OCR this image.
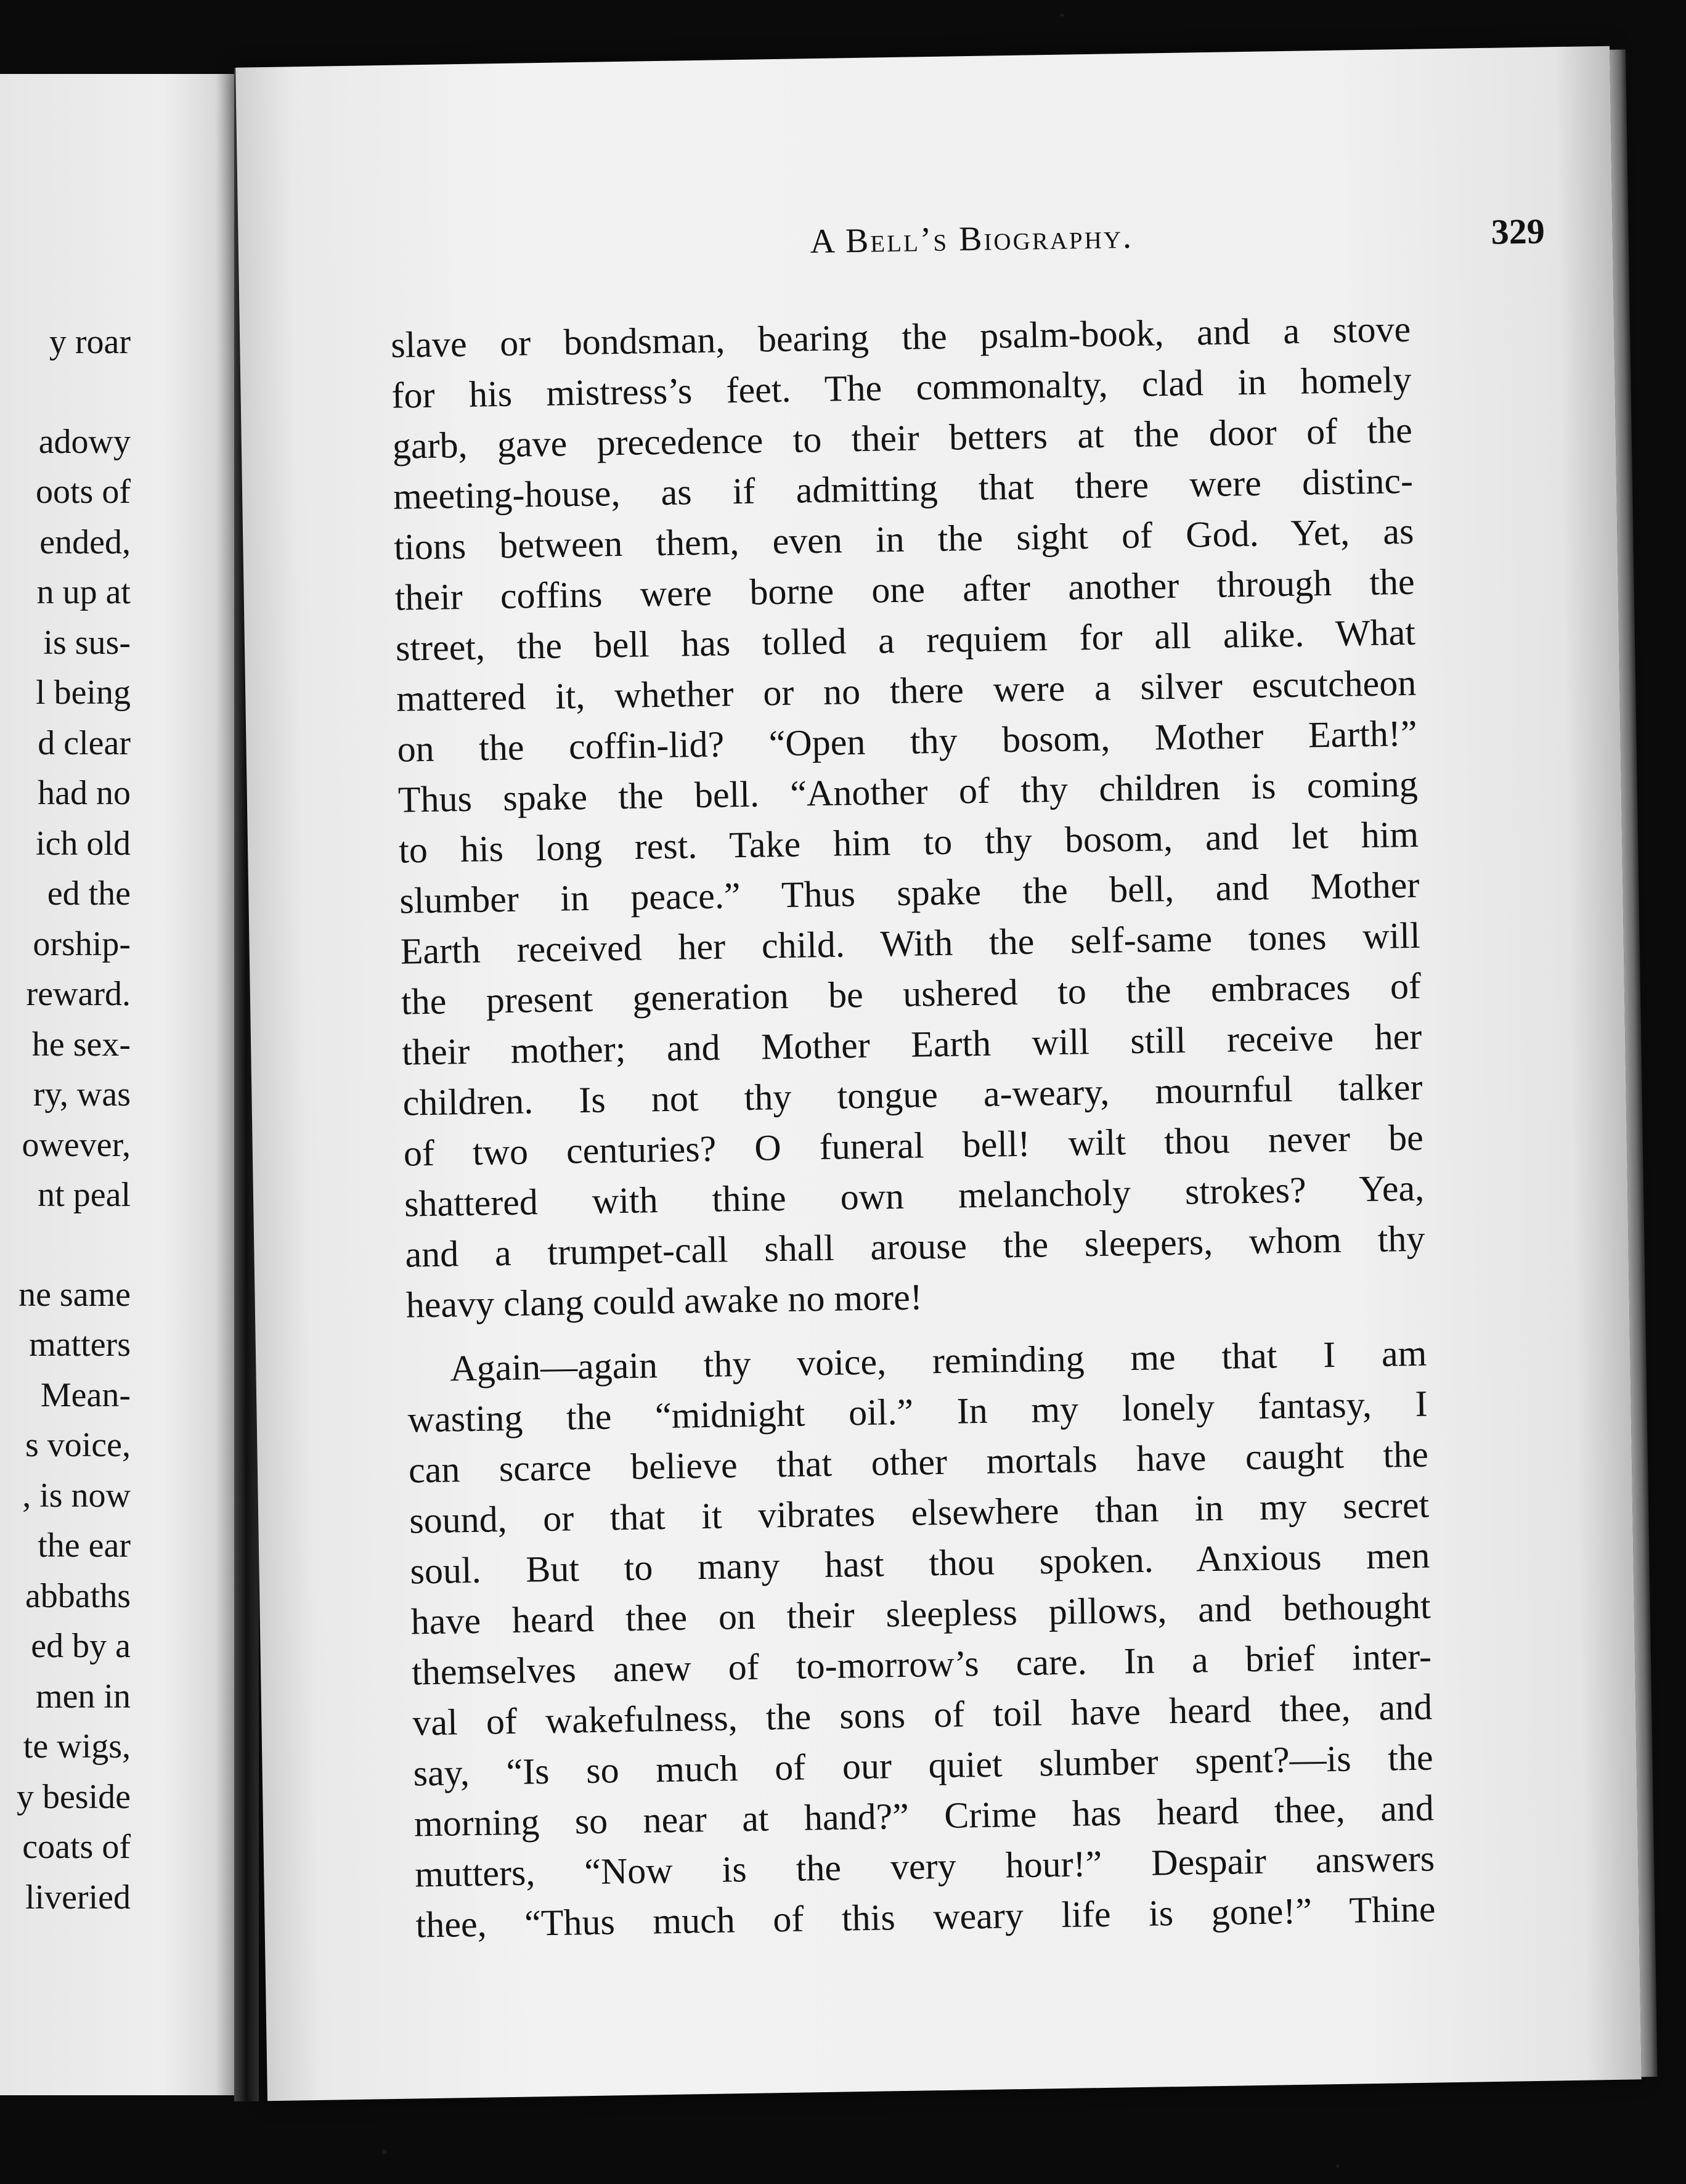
y roar
adowy
oots of
ended,
n up at
is sus-
l being
d clear
had no
ich old
ed the
orship-
reward.
he sex-
ry, was
owever,
nt peal
ne same
matters
Mean-
s voice,
, is now
the ear
abbaths
ed by a
men in
te wigs,
y beside
coats of
liveried
A Bell’s Biography.	329
slave or bondsman, bearing the psalm-book, and a stove
for his mistress’s feet. The commonalty, clad in homely
garb, gave precedence to their betters at the door of the
meeting-house, as if admitting that there were distinc-
tions between them, even in the sight of God. Yet, as
their coffins were borne one after another through the
street, the bell has tolled a requiem for all alike. What
mattered it, whether or no there were a silver escutcheon
on the coffin-lid? “Open thy bosom, Mother Earth!”
Thus spake the bell. “Another of thy children is coming
to his long rest. Take him to thy bosom, and let him
slumber in peace.” Thus spake the bell, and Mother
Earth received her child. With the self-same tones will
the present generation be ushered to the embraces of
their mother; and Mother Earth will still receive her
children. Is not thy tongue a-weary, mournful talker
of two centuries? O funeral bell! wilt thou never be
shattered with thine own melancholy strokes? Yea,
and a trumpet-call shall arouse the sleepers, whom thy
heavy clang could awake no more!
Again—again thy voice, reminding me that I am
wasting the “midnight oil.” In my lonely fantasy, I
can scarce believe that other mortals have caught the
sound, or that it vibrates elsewhere than in my secret
soul. But to many hast thou spoken. Anxious men
have heard thee on their sleepless pillows, and bethought
themselves anew of to-morrow’s care. In a brief inter-
val of wakefulness, the sons of toil have heard thee, and
say, “Is so much of our quiet slumber spent?—is the
morning so near at hand?” Crime has heard thee, and
mutters, “Now is the very hour!” Despair answers
thee, “Thus much of this weary life is gone!” Thine
